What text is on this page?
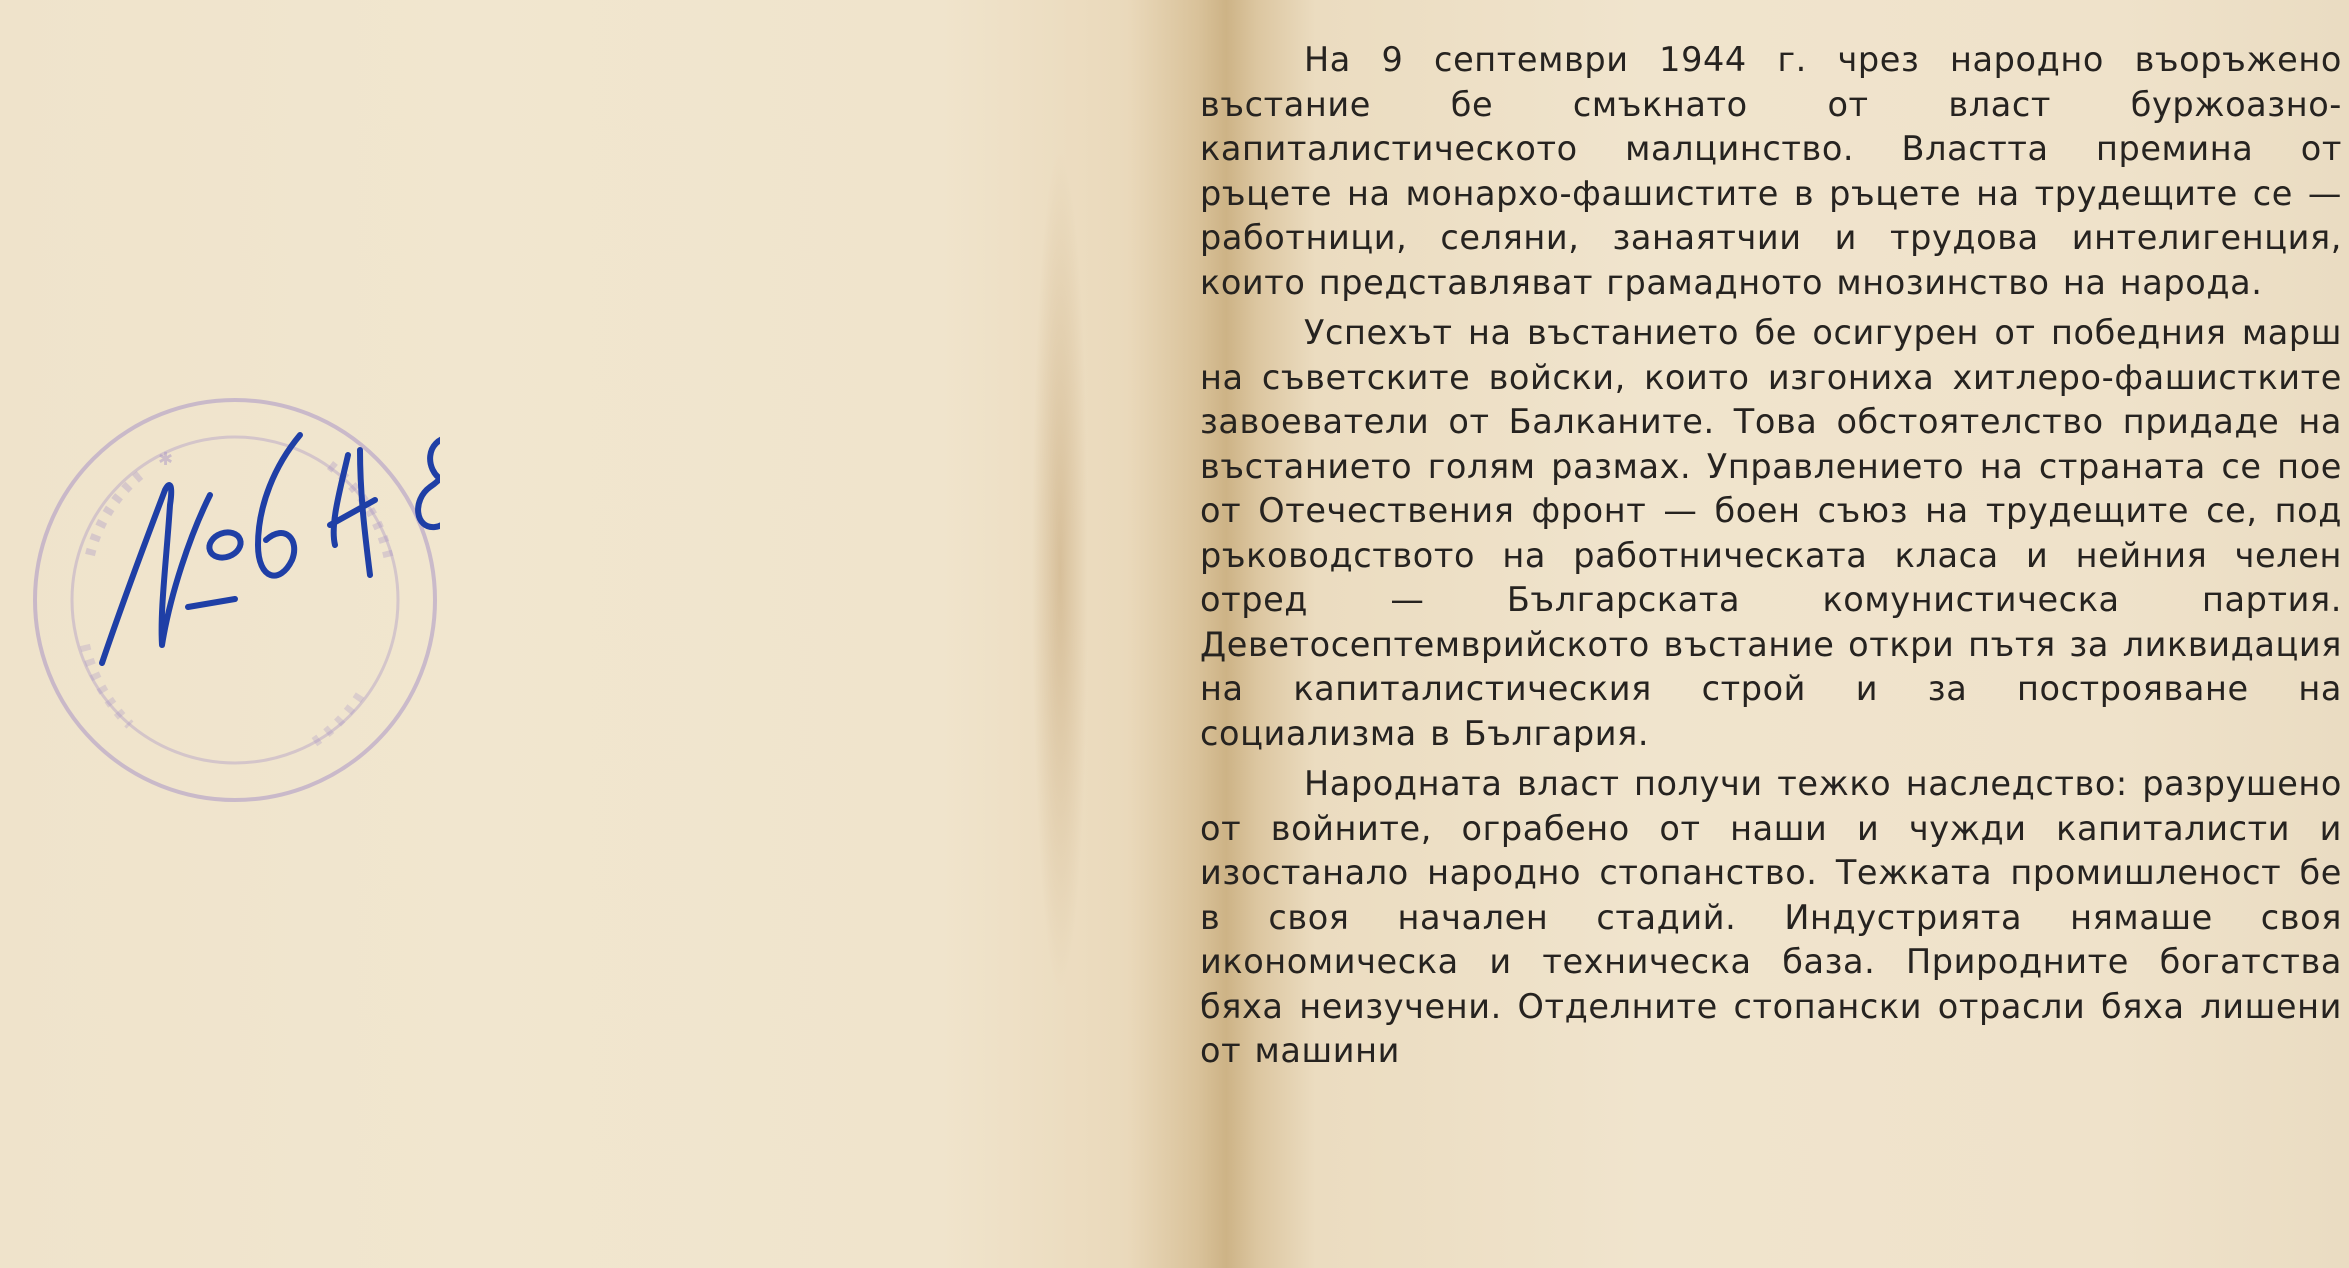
✱
№ 648

На 9 септември 1944 г. чрез народно въоръжено въстание бе смъкнато от власт буржоазно-капиталистическото малцинство. Властта премина от ръцете на монархо-фашистите в ръцете на трудещите се — работници, селяни, занаятчии и трудова интелигенция, които представляват грамадното мнозинство на народа.

Успехът на въстанието бе осигурен от победния марш на съветските войски, които изгониха хитлеро-фашистките завоеватели от Балканите. Това обстоятелство придаде на въстанието голям размах. Управлението на страната се пое от Отечествения фронт — боен съюз на трудещите се, под ръководството на работническата класа и нейния челен отред — Българската комунистическа партия. Деветосептемврийското въстание откри пътя за ликвидация на капиталистическия строй и за построяване на социализма в България.

Народната власт получи тежко наследство: разрушено от войните, ограбено от наши и чужди капиталисти и изостанало народно стопанство. Тежката промишленост бе в своя начален стадий. Индустрията нямаше своя икономическа и техническа база. Природните богатства бяха неизучени. Отделните стопански отрасли бяха лишени от машини
